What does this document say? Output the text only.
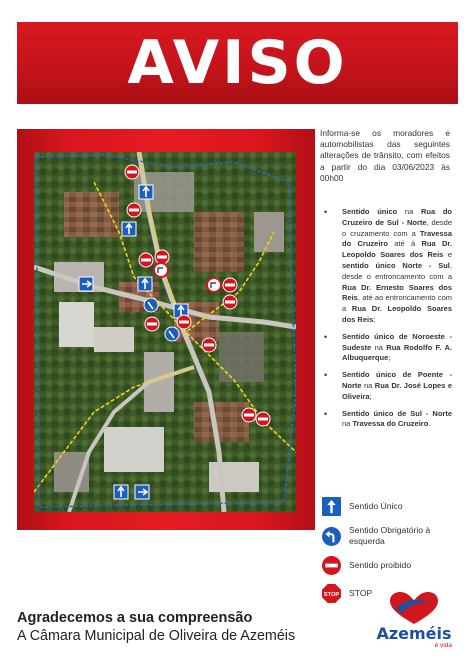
AVISO

Informa-se os moradores e automobilistas das seguintes alterações de trânsito, com efeitos a partir do dia 03/06/2023 às 00h00

• Sentido único na Rua do Cruzeiro de Sul - Norte, desde o cruzamento com a Travessa do Cruzeiro até à Rua Dr. Leopoldo Soares dos Reis e sentido único Norte - Sul, desde o entroncamento com a Rua Dr. Ernesto Soares dos Reis, até ao entroncamento com a Rua Dr. Leopoldo Soares dos Reis;
• Sentido único de Noroeste - Sudeste na Rua Rodolfo F. A. Albuquerque;
• Sentido único de Poente - Norte na Rua Dr. José Lopes e Oliveira;
• Sentido único de Sul - Norte na Travessa do Cruzeiro.
Sentido Único
Sentido Obrigatório à esquerda
Sentido proibido
STOP STOP
Agradecemos a sua compreensão
A Câmara Municipal de Oliveira de Azeméis	Azeméis
é vida
